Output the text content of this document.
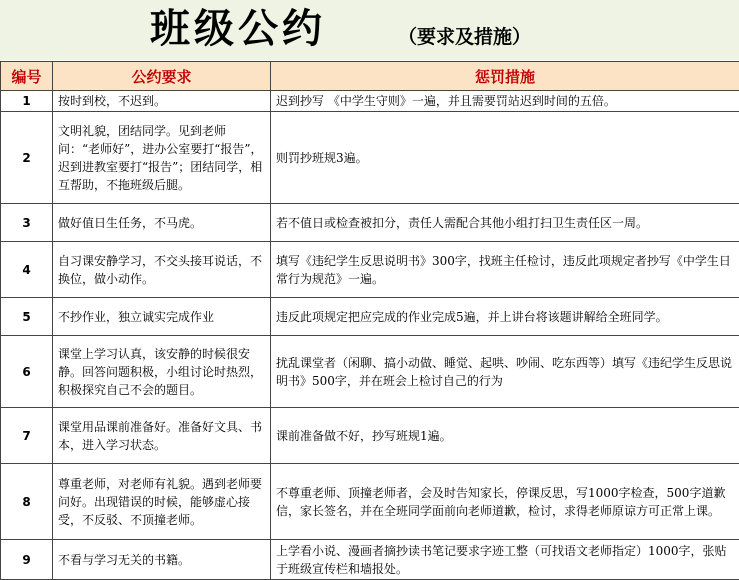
班级公约	（要求及措施）
编号	公约要求	惩罚措施
1	按时到校，不迟到。	迟到抄写 《中学生守则》一遍，并且需要罚站迟到时间的五倍。
2	文明礼貌，团结同学。见到老师问：“老师好”，进办公室要打“报告”，迟到进教室要打“报告”；团结同学，相互帮助，不拖班级后腿。	则罚抄班规3遍。
3	做好值日生任务，不马虎。	若不值日或检查被扣分，责任人需配合其他小组打扫卫生责任区一周。
4	自习课安静学习，不交头接耳说话，不换位，做小动作。	填写《违纪学生反思说明书》300字，找班主任检讨，违反此项规定者抄写《中学生日常行为规范》一遍。
5	不抄作业，独立诚实完成作业	违反此项规定把应完成的作业完成5遍，并上讲台将该题讲解给全班同学。
6	课堂上学习认真，该安静的时候很安静。回答问题积极，小组讨论时热烈，积极探究自己不会的题目。	扰乱课堂者（闲聊、搞小动做、睡觉、起哄、吵闹、吃东西等）填写《违纪学生反思说明书》500字，并在班会上检讨自己的行为
7	课堂用品课前准备好。准备好文具、书本，进入学习状态。	课前准备做不好，抄写班规1遍。
8	尊重老师，对老师有礼貌。遇到老师要问好。出现错误的时候，能够虚心接受，不反驳、不顶撞老师。	不尊重老师、顶撞老师者，会及时告知家长，停课反思，写1000字检查，500字道歉信，家长签名，并在全班同学面前向老师道歉，检讨，求得老师原谅方可正常上课。
9	不看与学习无关的书籍。	上学看小说、漫画者摘抄读书笔记要求字迹工整（可找语文老师指定）1000字，张贴于班级宣传栏和墙报处。
